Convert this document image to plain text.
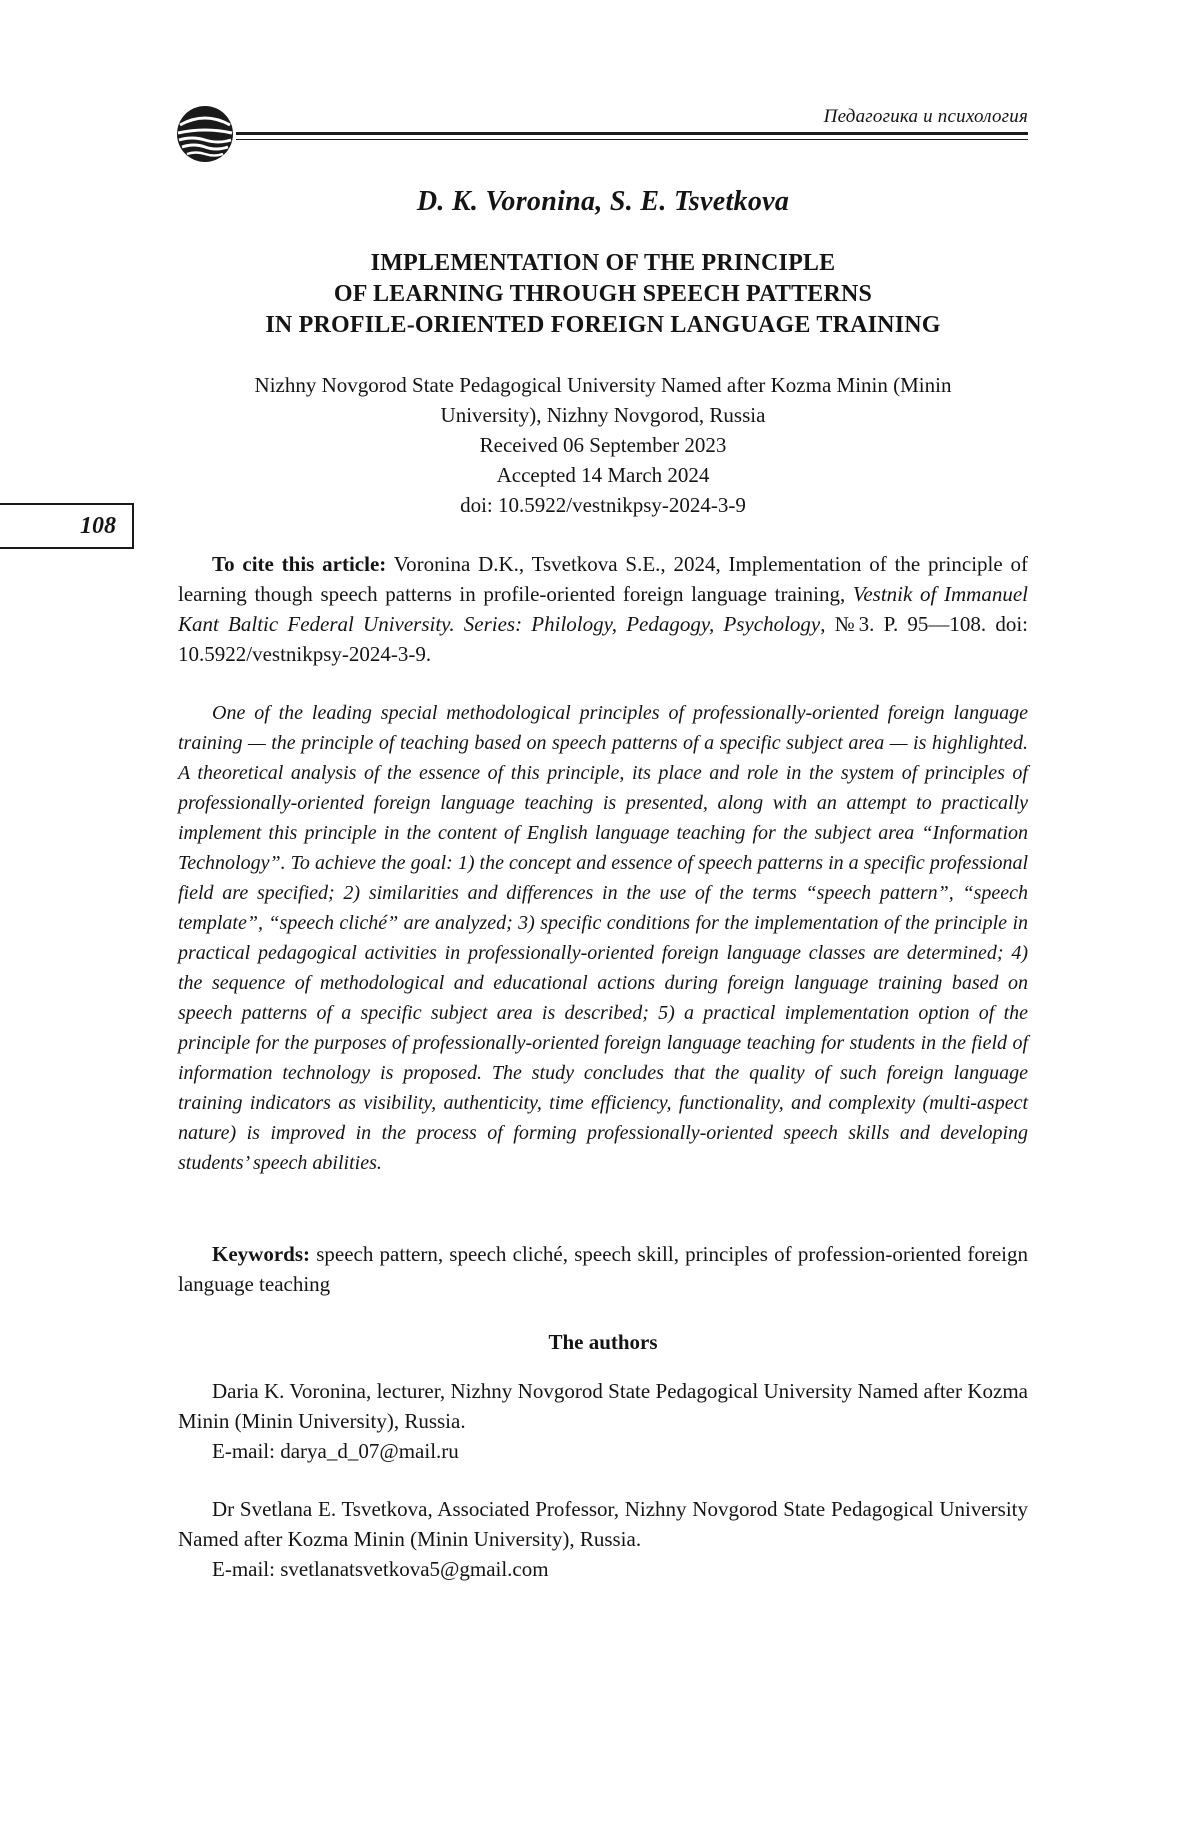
Педагогика и психология
108
D. K. Voronina, S. E. Tsvetkova
IMPLEMENTATION OF THE PRINCIPLE
OF LEARNING THROUGH SPEECH PATTERNS
IN PROFILE-ORIENTED FOREIGN LANGUAGE TRAINING
Nizhny Novgorod State Pedagogical University Named after Kozma Minin (Minin
University), Nizhny Novgorod, Russia
Received 06 September 2023
Accepted 14 March 2024
doi: 10.5922/vestnikpsy-2024-3-9
To cite this article: Voronina D.K., Tsvetkova S.E., 2024, Implementation of the principle of learning though speech patterns in profile-oriented foreign language training, Vestnik of Immanuel Kant Baltic Federal University. Series: Philology, Pedagogy, Psychology, №3. P. 95—108. doi: 10.5922/vestnikpsy-2024-3-9.
One of the leading special methodological principles of professionally-oriented foreign language training — the principle of teaching based on speech patterns of a specific subject area — is highlighted. A theoretical analysis of the essence of this principle, its place and role in the system of principles of professionally-oriented foreign language teaching is presented, along with an attempt to practically implement this principle in the content of English language teaching for the subject area “Information Technology”. To achieve the goal: 1) the concept and essence of speech patterns in a specific professional field are specified; 2) similarities and differences in the use of the terms “speech pattern”, “speech template”, “speech cliché” are analyzed; 3) specific conditions for the implementation of the principle in practical pedagogical activities in professionally-oriented foreign language classes are determined; 4) the sequence of methodological and educational actions during foreign language training based on speech patterns of a specific subject area is described; 5) a practical implementation option of the principle for the purposes of professionally-oriented foreign language teaching for students in the field of information technology is proposed. The study concludes that the quality of such foreign language training indicators as visibility, authenticity, time efficiency, functionality, and complexity (multi-aspect nature) is improved in the process of forming professionally-oriented speech skills and developing students’ speech abilities.
Keywords: speech pattern, speech cliché, speech skill, principles of profession-oriented foreign language teaching
The authors
Daria K. Voronina, lecturer, Nizhny Novgorod State Pedagogical University Named after Kozma Minin (Minin University), Russia.
E-mail: darya_d_07@mail.ru
Dr Svetlana E. Tsvetkova, Associated Professor, Nizhny Novgorod State Pedagogical University Named after Kozma Minin (Minin University), Russia.
E-mail: svetlanatsvetkova5@gmail.com
